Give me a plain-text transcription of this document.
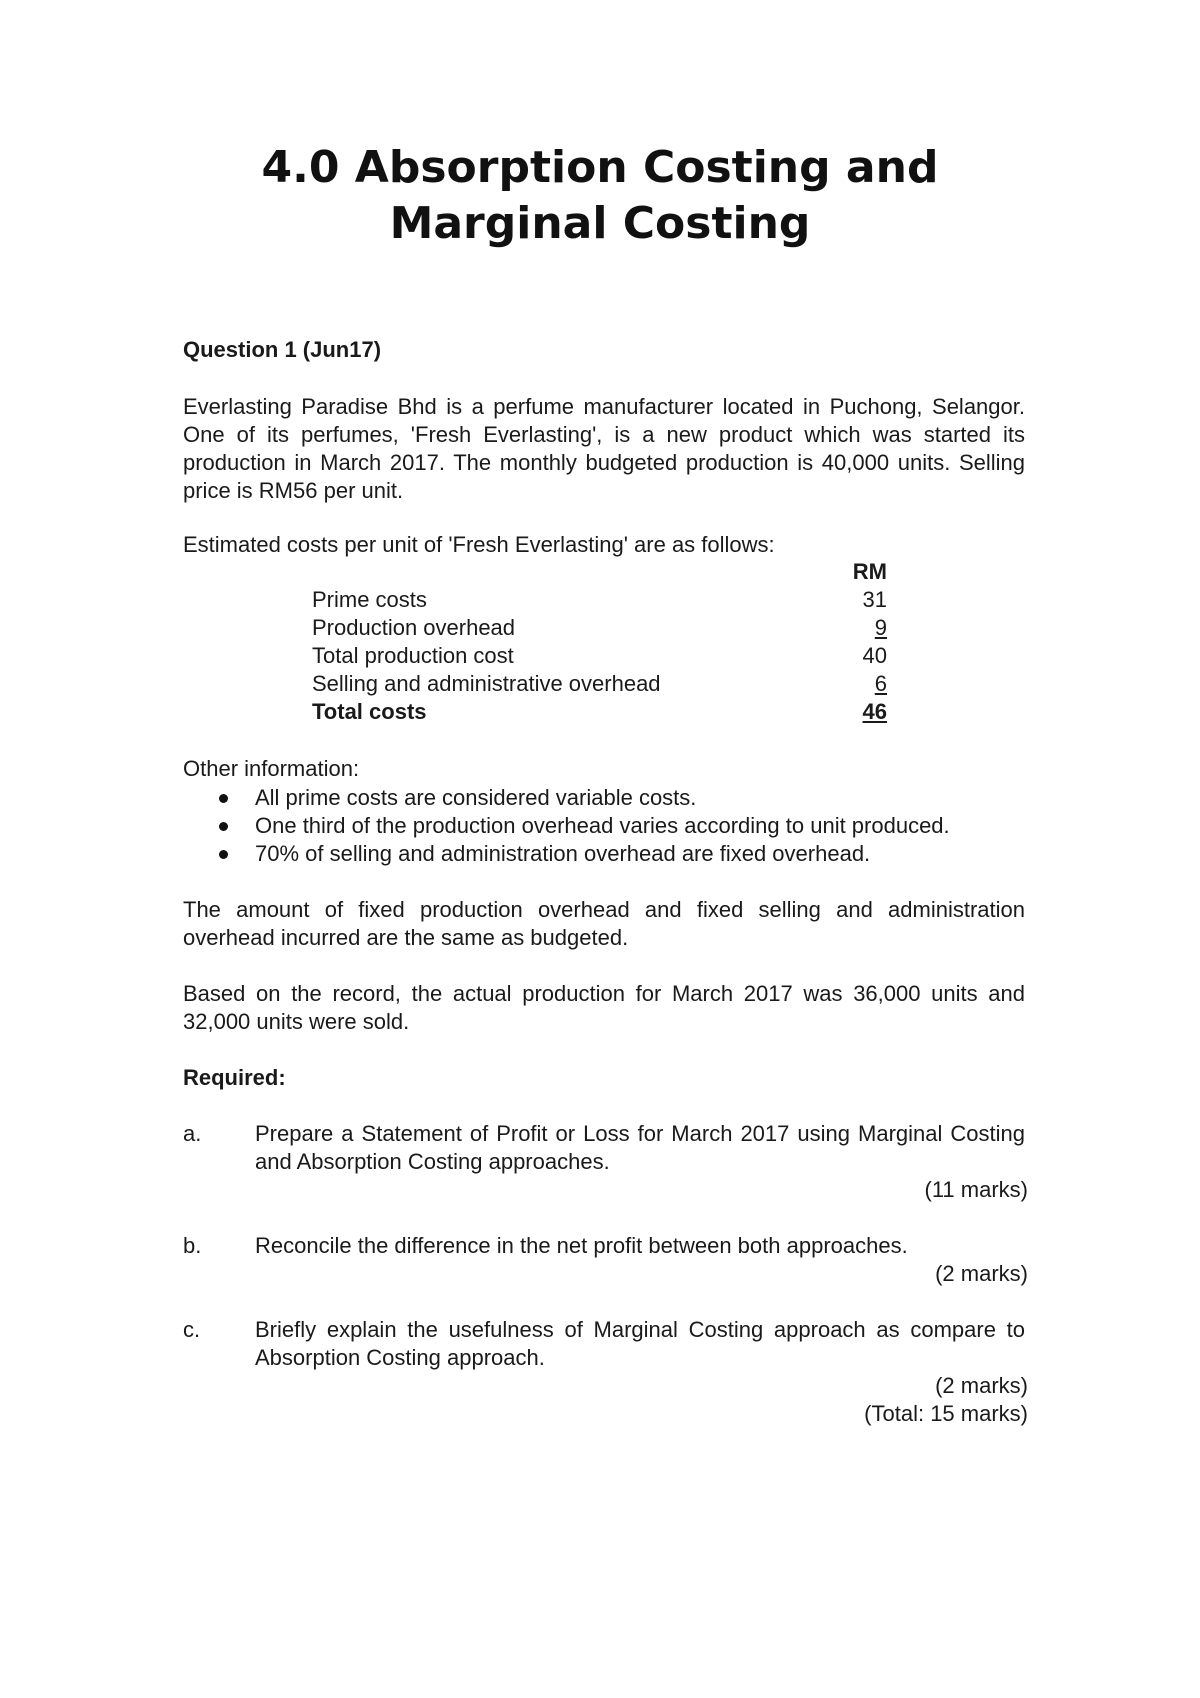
4.0 Absorption Costing and
Marginal Costing
Question 1 (Jun17)
Everlasting Paradise Bhd is a perfume manufacturer located in Puchong, Selangor. One of its perfumes, 'Fresh Everlasting', is a new product which was started its production in March 2017. The monthly budgeted production is 40,000 units. Selling price is RM56 per unit.
Estimated costs per unit of 'Fresh Everlasting' are as follows:
RM
Prime costs	31
Production overhead	9
Total production cost	40
Selling and administrative overhead	6
Total costs	46
Other information:
All prime costs are considered variable costs.
One third of the production overhead varies according to unit produced.
70% of selling and administration overhead are fixed overhead.
The amount of fixed production overhead and fixed selling and administration overhead incurred are the same as budgeted.
Based on the record, the actual production for March 2017 was 36,000 units and 32,000 units were sold.
Required:
a. Prepare a Statement of Profit or Loss for March 2017 using Marginal Costing and Absorption Costing approaches.
(11 marks)
b. Reconcile the difference in the net profit between both approaches.
(2 marks)
c. Briefly explain the usefulness of Marginal Costing approach as compare to Absorption Costing approach.
(2 marks)
(Total: 15 marks)
